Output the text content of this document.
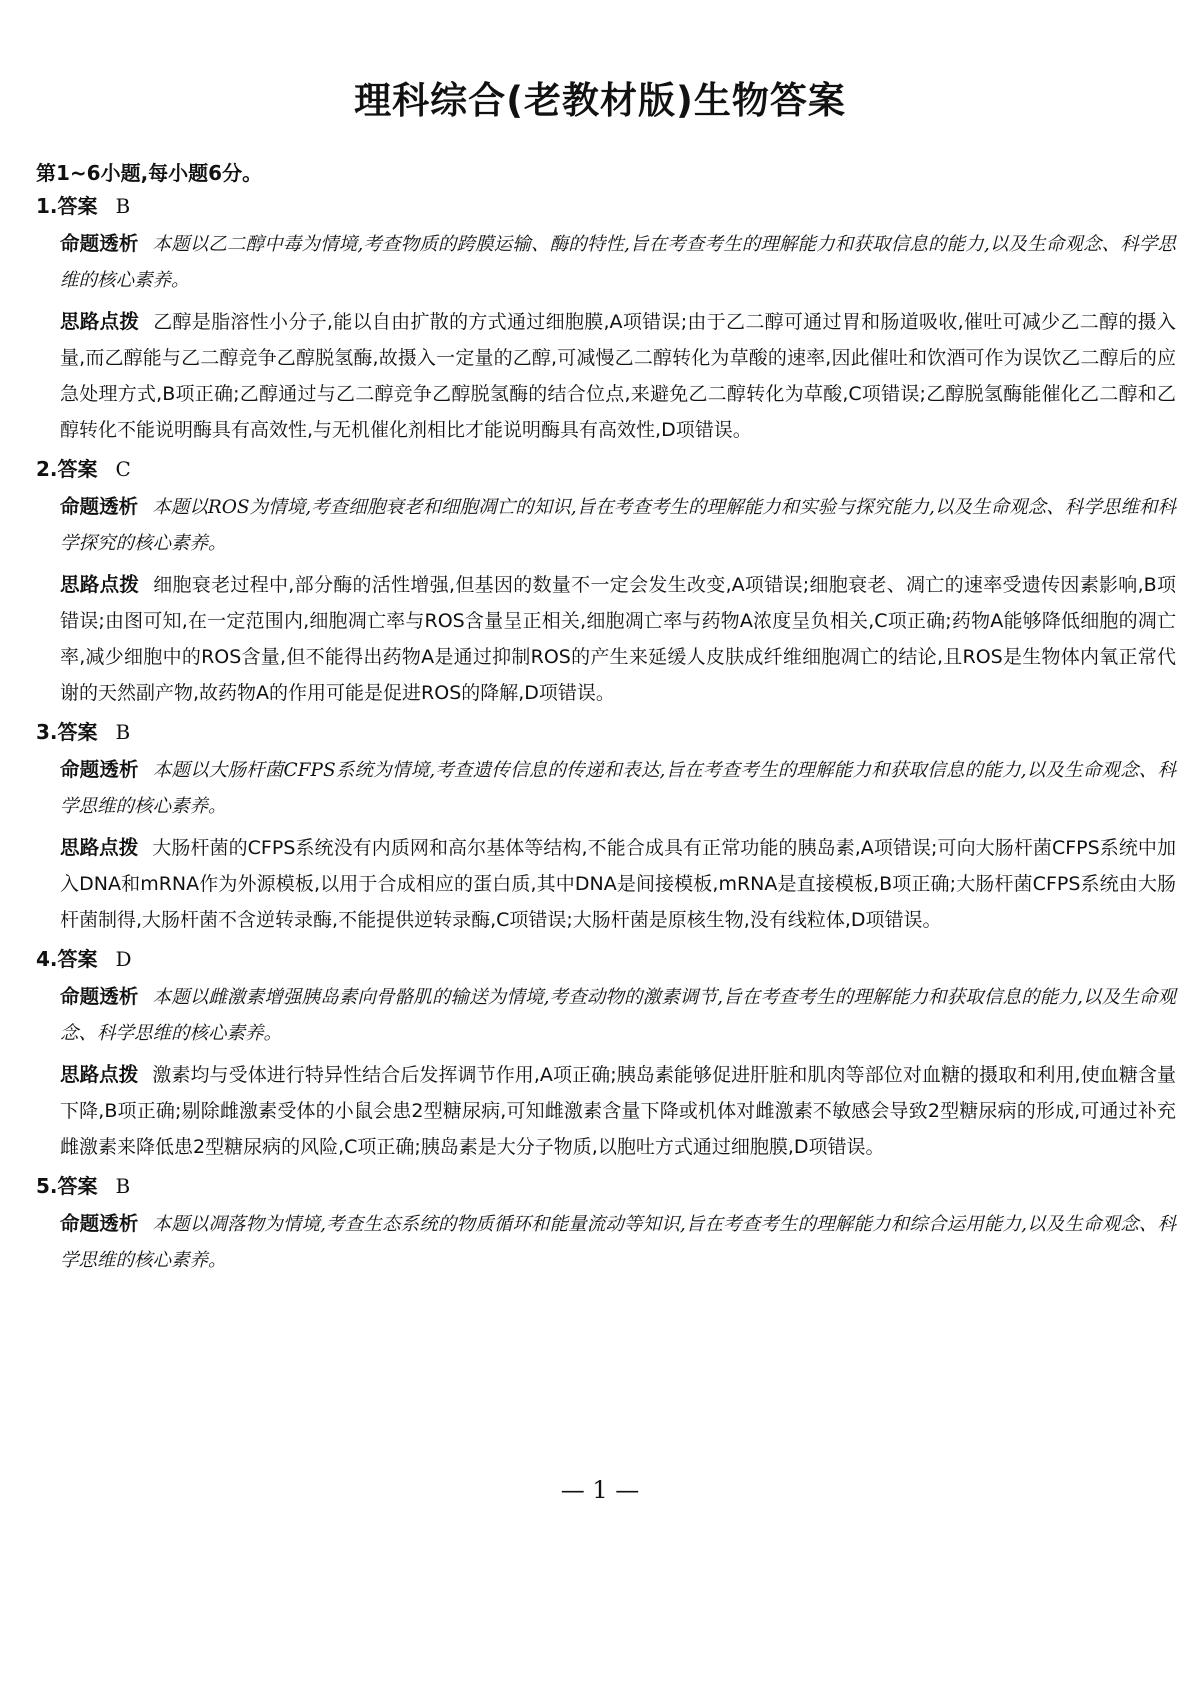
理科综合(老教材版)生物答案
第1~6小题,每小题6分。
1.答案 B

命题透析 本题以乙二醇中毒为情境,考查物质的跨膜运输、酶的特性,旨在考查考生的理解能力和获取信息的能力,以及生命观念、科学思维的核心素养。

思路点拨 乙醇是脂溶性小分子,能以自由扩散的方式通过细胞膜,A项错误;由于乙二醇可通过胃和肠道吸收,催吐可减少乙二醇的摄入量,而乙醇能与乙二醇竞争乙醇脱氢酶,故摄入一定量的乙醇,可减慢乙二醇转化为草酸的速率,因此催吐和饮酒可作为误饮乙二醇后的应急处理方式,B项正确;乙醇通过与乙二醇竞争乙醇脱氢酶的结合位点,来避免乙二醇转化为草酸,C项错误;乙醇脱氢酶能催化乙二醇和乙醇转化不能说明酶具有高效性,与无机催化剂相比才能说明酶具有高效性,D项错误。

2.答案 C

命题透析 本题以ROS为情境,考查细胞衰老和细胞凋亡的知识,旨在考查考生的理解能力和实验与探究能力,以及生命观念、科学思维和科学探究的核心素养。

思路点拨 细胞衰老过程中,部分酶的活性增强,但基因的数量不一定会发生改变,A项错误;细胞衰老、凋亡的速率受遗传因素影响,B项错误;由图可知,在一定范围内,细胞凋亡率与ROS含量呈正相关,细胞凋亡率与药物A浓度呈负相关,C项正确;药物A能够降低细胞的凋亡率,减少细胞中的ROS含量,但不能得出药物A是通过抑制ROS的产生来延缓人皮肤成纤维细胞凋亡的结论,且ROS是生物体内氧正常代谢的天然副产物,故药物A的作用可能是促进ROS的降解,D项错误。

3.答案 B

命题透析 本题以大肠杆菌CFPS系统为情境,考查遗传信息的传递和表达,旨在考查考生的理解能力和获取信息的能力,以及生命观念、科学思维的核心素养。

思路点拨 大肠杆菌的CFPS系统没有内质网和高尔基体等结构,不能合成具有正常功能的胰岛素,A项错误;可向大肠杆菌CFPS系统中加入DNA和mRNA作为外源模板,以用于合成相应的蛋白质,其中DNA是间接模板,mRNA是直接模板,B项正确;大肠杆菌CFPS系统由大肠杆菌制得,大肠杆菌不含逆转录酶,不能提供逆转录酶,C项错误;大肠杆菌是原核生物,没有线粒体,D项错误。

4.答案 D

命题透析 本题以雌激素增强胰岛素向骨骼肌的输送为情境,考查动物的激素调节,旨在考查考生的理解能力和获取信息的能力,以及生命观念、科学思维的核心素养。

思路点拨 激素均与受体进行特异性结合后发挥调节作用,A项正确;胰岛素能够促进肝脏和肌肉等部位对血糖的摄取和利用,使血糖含量下降,B项正确;剔除雌激素受体的小鼠会患2型糖尿病,可知雌激素含量下降或机体对雌激素不敏感会导致2型糖尿病的形成,可通过补充雌激素来降低患2型糖尿病的风险,C项正确;胰岛素是大分子物质,以胞吐方式通过细胞膜,D项错误。

5.答案 B

命题透析 本题以凋落物为情境,考查生态系统的物质循环和能量流动等知识,旨在考查考生的理解能力和综合运用能力,以及生命观念、科学思维的核心素养。

— 1 —
